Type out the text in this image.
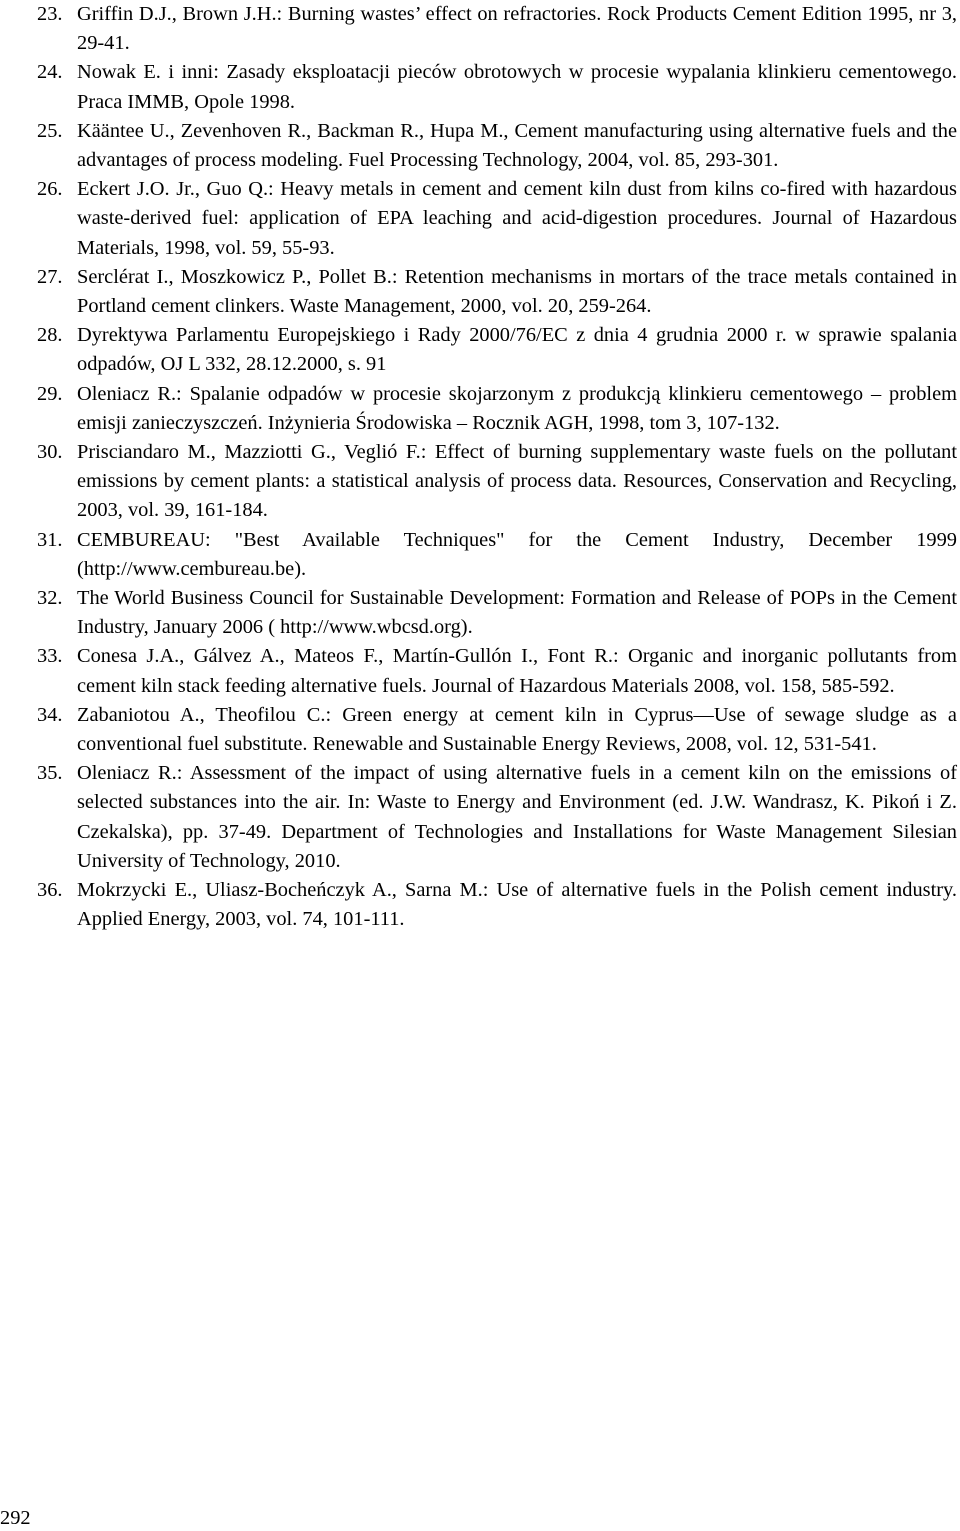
23. Griffin D.J., Brown J.H.: Burning wastes’ effect on refractories. Rock Products Cement Edition 1995, nr 3, 29-41.
24. Nowak E. i inni: Zasady eksploatacji pieców obrotowych w procesie wypalania klinkieru cementowego. Praca IMMB, Opole 1998.
25. Kääntee U., Zevenhoven R., Backman R., Hupa M., Cement manufacturing using alternative fuels and the advantages of process modeling. Fuel Processing Technology, 2004, vol. 85, 293-301.
26. Eckert J.O. Jr., Guo Q.: Heavy metals in cement and cement kiln dust from kilns co-fired with hazardous waste-derived fuel: application of EPA leaching and acid-digestion procedures. Journal of Hazardous Materials, 1998, vol. 59, 55-93.
27. Serclérat I., Moszkowicz P., Pollet B.: Retention mechanisms in mortars of the trace metals contained in Portland cement clinkers. Waste Management, 2000, vol. 20, 259-264.
28. Dyrektywa Parlamentu Europejskiego i Rady 2000/76/EC z dnia 4 grudnia 2000 r. w sprawie spalania odpadów, OJ L 332, 28.12.2000, s. 91
29. Oleniacz R.: Spalanie odpadów w procesie skojarzonym z produkcją klinkieru cementowego – problem emisji zanieczyszczeń. Inżynieria Środowiska – Rocznik AGH, 1998, tom 3, 107-132.
30. Prisciandaro M., Mazziotti G., Veglió F.: Effect of burning supplementary waste fuels on the pollutant emissions by cement plants: a statistical analysis of process data. Resources, Conservation and Recycling, 2003, vol. 39, 161-184.
31. CEMBUREAU: "Best Available Techniques" for the Cement Industry, December 1999 (http://www.cembureau.be).
32. The World Business Council for Sustainable Development: Formation and Release of POPs in the Cement Industry, January 2006 ( http://www.wbcsd.org).
33. Conesa J.A., Gálvez A., Mateos F., Martín-Gullón I., Font R.: Organic and inorganic pollutants from cement kiln stack feeding alternative fuels. Journal of Hazardous Materials 2008, vol. 158, 585-592.
34. Zabaniotou A., Theofilou C.: Green energy at cement kiln in Cyprus—Use of sewage sludge as a conventional fuel substitute. Renewable and Sustainable Energy Reviews, 2008, vol. 12, 531-541.
35. Oleniacz R.: Assessment of the impact of using alternative fuels in a cement kiln on the emissions of selected substances into the air. In: Waste to Energy and Environment (ed. J.W. Wandrasz, K. Pikoń i Z. Czekalska), pp. 37-49. Department of Technologies and Installations for Waste Management Silesian University of Technology, 2010.
36. Mokrzycki E., Uliasz-Bocheńczyk A., Sarna M.: Use of alternative fuels in the Polish cement industry. Applied Energy, 2003, vol. 74, 101-111.
292
